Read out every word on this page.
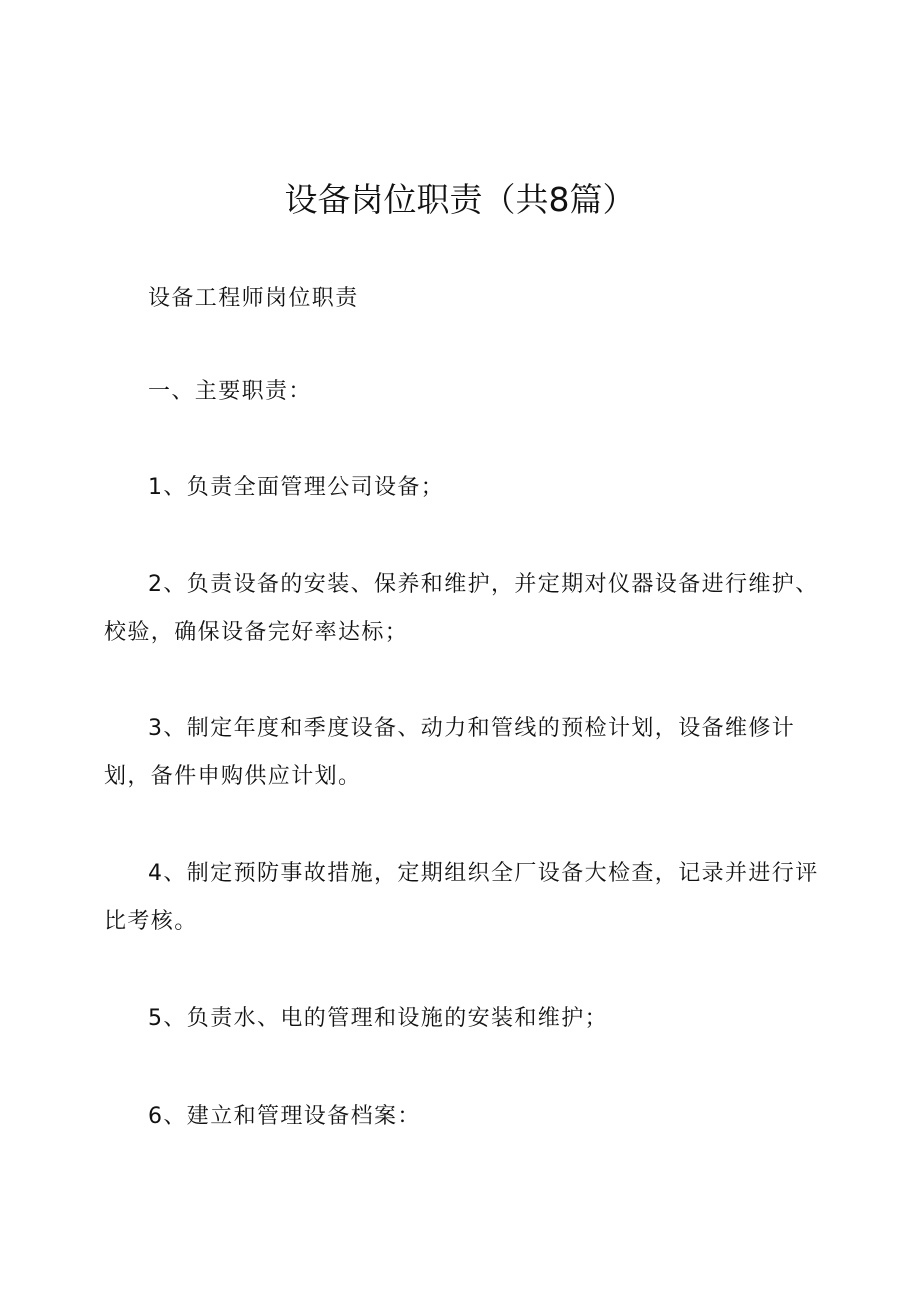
设备岗位职责（共8篇）

设备工程师岗位职责

一、主要职责：

1、负责全面管理公司设备；

2、负责设备的安装、保养和维护，并定期对仪器设备进行维护、校验，确保设备完好率达标；

3、制定年度和季度设备、动力和管线的预检计划，设备维修计划，备件申购供应计划。

4、制定预防事故措施，定期组织全厂设备大检查，记录并进行评比考核。

5、负责水、电的管理和设施的安装和维护；

6、建立和管理设备档案：
